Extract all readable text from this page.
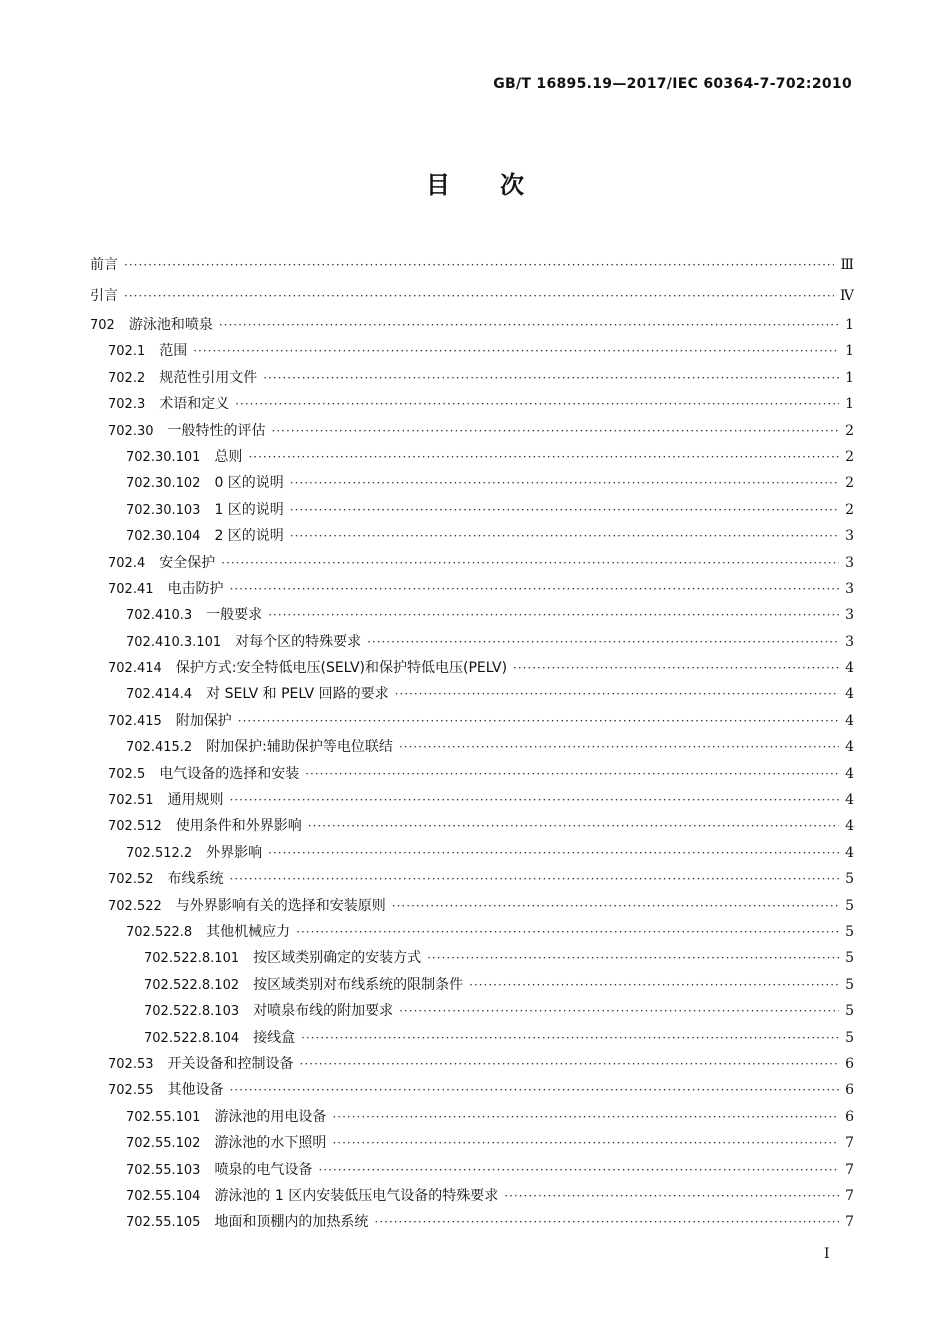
GB/T 16895.19—2017/IEC 60364-7-702:2010
目次
前言 ·····	Ⅲ
引言 ·····	Ⅳ
702 游泳池和喷泉 ·····	1
702.1 范围 ·····	1
702.2 规范性引用文件 ·····	1
702.3 术语和定义 ·····	1
702.30 一般特性的评估 ·····	2
702.30.101 总则 ·····	2
702.30.102 0 区的说明 ·····	2
702.30.103 1 区的说明 ·····	2
702.30.104 2 区的说明 ·····	3
702.4 安全保护 ·····	3
702.41 电击防护 ·····	3
702.410.3 一般要求 ·····	3
702.410.3.101 对每个区的特殊要求 ·····	3
702.414 保护方式:安全特低电压(SELV)和保护特低电压(PELV) ·····	4
702.414.4 对 SELV 和 PELV 回路的要求 ·····	4
702.415 附加保护 ·····	4
702.415.2 附加保护:辅助保护等电位联结 ·····	4
702.5 电气设备的选择和安装 ·····	4
702.51 通用规则 ·····	4
702.512 使用条件和外界影响 ·····	4
702.512.2 外界影响 ·····	4
702.52 布线系统 ·····	5
702.522 与外界影响有关的选择和安装原则 ·····	5
702.522.8 其他机械应力 ·····	5
702.522.8.101 按区域类别确定的安装方式 ·····	5
702.522.8.102 按区域类别对布线系统的限制条件 ·····	5
702.522.8.103 对喷泉布线的附加要求 ·····	5
702.522.8.104 接线盒 ·····	5
702.53 开关设备和控制设备 ·····	6
702.55 其他设备 ·····	6
702.55.101 游泳池的用电设备 ·····	6
702.55.102 游泳池的水下照明 ·····	7
702.55.103 喷泉的电气设备 ·····	7
702.55.104 游泳池的 1 区内安装低压电气设备的特殊要求 ·····	7
702.55.105 地面和顶棚内的加热系统 ·····	7
I
